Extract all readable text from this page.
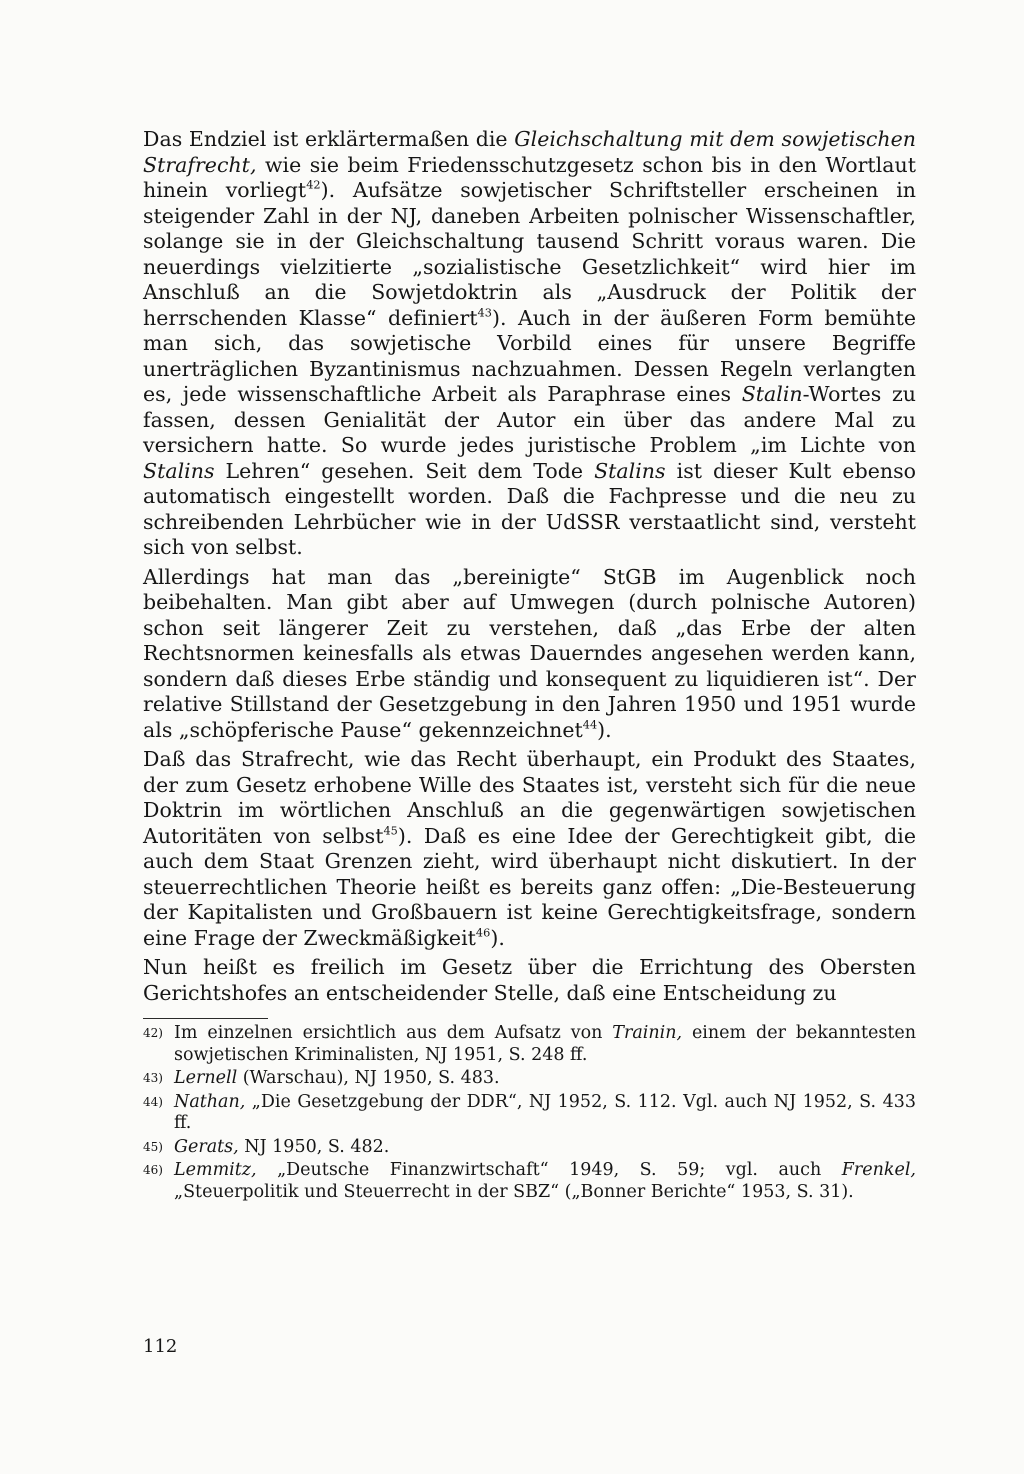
Das Endziel ist erklärtermaßen die Gleichschaltung mit dem sowjetischen Strafrecht, wie sie beim Friedensschutzgesetz schon bis in den Wortlaut hinein vorliegt$^{42}$). Aufsätze sowjetischer Schriftsteller erscheinen in steigender Zahl in der NJ, daneben Arbeiten polnischer Wissenschaftler, solange sie in der Gleichschaltung tausend Schritt voraus waren. Die neuerdings vielzitierte „sozialistische Gesetzlichkeit“ wird hier im Anschluß an die Sowjetdoktrin als „Ausdruck der Politik der herrschenden Klasse“ definiert$^{43}$). Auch in der äußeren Form bemühte man sich, das sowjetische Vorbild eines für unsere Begriffe unerträglichen Byzantinismus nachzuahmen. Dessen Regeln verlangten es, jede wissenschaftliche Arbeit als Paraphrase eines Stalin-Wortes zu fassen, dessen Genialität der Autor ein über das andere Mal zu versichern hatte. So wurde jedes juristische Problem „im Lichte von Stalins Lehren“ gesehen. Seit dem Tode Stalins ist dieser Kult ebenso automatisch eingestellt worden. Daß die Fachpresse und die neu zu schreibenden Lehrbücher wie in der UdSSR verstaatlicht sind, versteht sich von selbst.

Allerdings hat man das „bereinigte“ StGB im Augenblick noch beibehalten. Man gibt aber auf Umwegen (durch polnische Autoren) schon seit längerer Zeit zu verstehen, daß „das Erbe der alten Rechtsnormen keinesfalls als etwas Dauerndes angesehen werden kann, sondern daß dieses Erbe ständig und konsequent zu liquidieren ist“. Der relative Stillstand der Gesetzgebung in den Jahren 1950 und 1951 wurde als „schöpferische Pause“ gekennzeichnet$^{44}$).

Daß das Strafrecht, wie das Recht überhaupt, ein Produkt des Staates, der zum Gesetz erhobene Wille des Staates ist, versteht sich für die neue Doktrin im wörtlichen Anschluß an die gegenwärtigen sowjetischen Autoritäten von selbst$^{45}$). Daß es eine Idee der Gerechtigkeit gibt, die auch dem Staat Grenzen zieht, wird überhaupt nicht diskutiert. In der steuerrechtlichen Theorie heißt es bereits ganz offen: „Die-Besteuerung der Kapitalisten und Großbauern ist keine Gerechtigkeitsfrage, sondern eine Frage der Zweckmäßigkeit$^{46}$).

Nun heißt es freilich im Gesetz über die Errichtung des Obersten Gerichtshofes an entscheidender Stelle, daß eine Entscheidung zu

42) Im einzelnen ersichtlich aus dem Aufsatz von Trainin, einem der bekanntesten sowjetischen Kriminalisten, NJ 1951, S. 248 ff.
43) Lernell (Warschau), NJ 1950, S. 483.
44) Nathan, „Die Gesetzgebung der DDR“, NJ 1952, S. 112. Vgl. auch NJ 1952, S. 433 ff.
45) Gerats, NJ 1950, S. 482.
46) Lemmitz, „Deutsche Finanzwirtschaft“ 1949, S. 59; vgl. auch Frenkel, „Steuerpolitik und Steuerrecht in der SBZ“ („Bonner Berichte“ 1953, S. 31).
112
